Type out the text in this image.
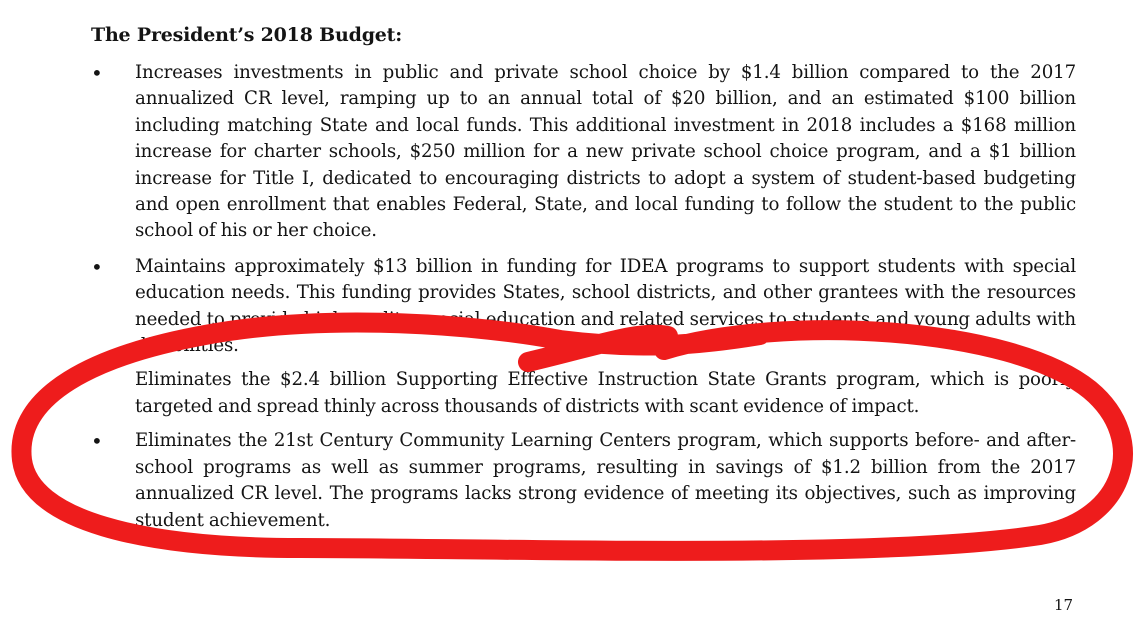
The President’s 2018 Budget:
• Increases investments in public and private school choice by $1.4 billion compared to the 2017 annualized CR level, ramping up to an annual total of $20 billion, and an estimated $100 billion including matching State and local funds. This additional investment in 2018 includes a $168 million increase for charter schools, $250 million for a new private school choice program, and a $1 billion increase for Title I, dedicated to encouraging districts to adopt a system of student-based budgeting and open enrollment that enables Federal, State, and local funding to follow the student to the public school of his or her choice.
• Maintains approximately $13 billion in funding for IDEA programs to support students with special education needs. This funding provides States, school districts, and other grantees with the resources needed to provide high quality special education and related services to students and young adults with disabilities.
Eliminates the $2.4 billion Supporting Effective Instruction State Grants program, which is poorly targeted and spread thinly across thousands of districts with scant evidence of impact.
• Eliminates the 21st Century Community Learning Centers program, which supports before- and after-school programs as well as summer programs, resulting in savings of $1.2 billion from the 2017 annualized CR level. The programs lacks strong evidence of meeting its objectives, such as improving student achievement.
17
